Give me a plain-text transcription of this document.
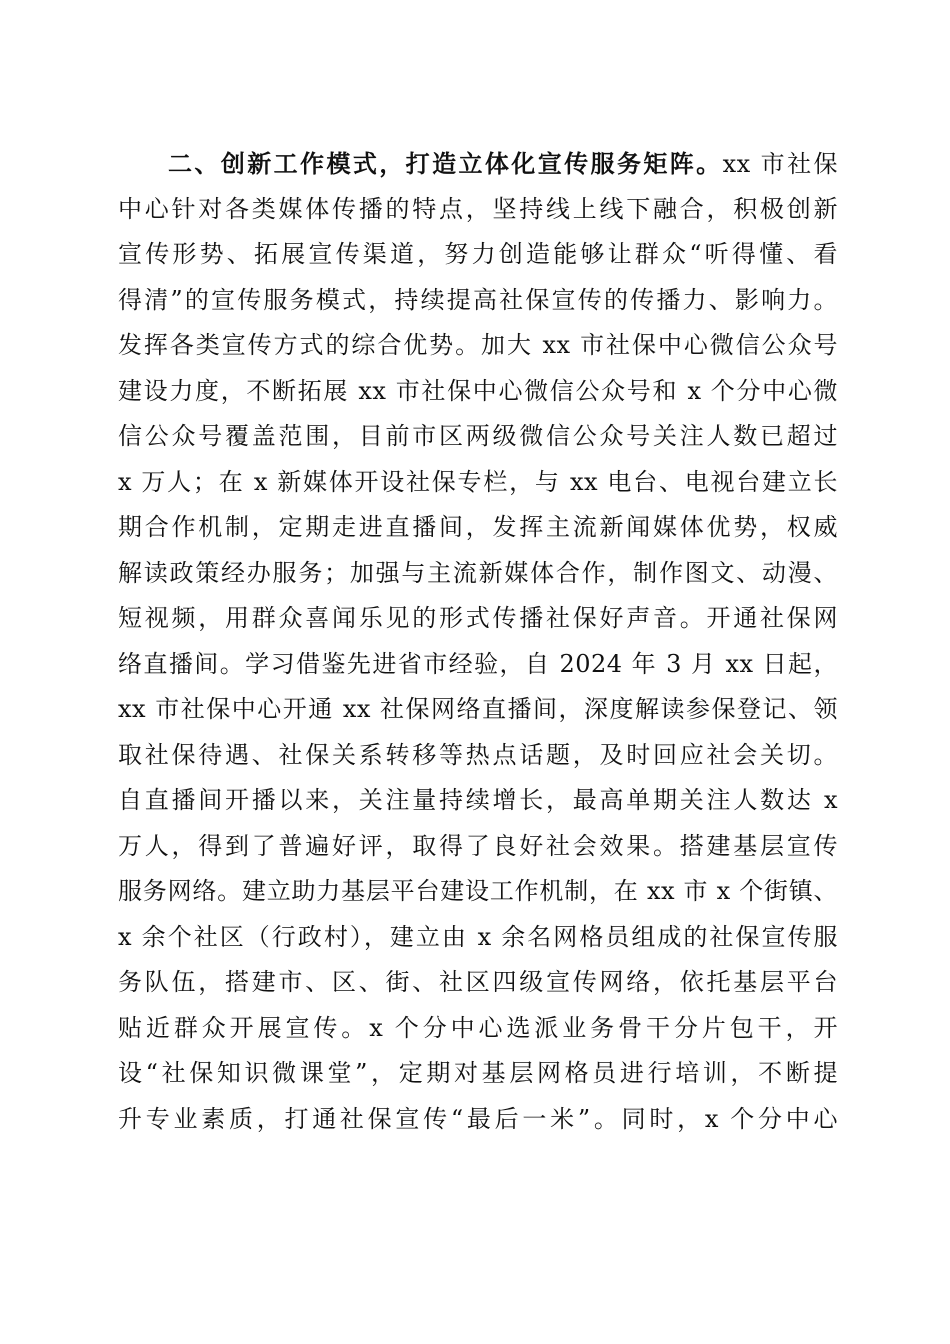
二、创新工作模式，打造立体化宣传服务矩阵。xx 市社保
中心针对各类媒体传播的特点，坚持线上线下融合，积极创新
宣传形势、拓展宣传渠道，努力创造能够让群众“听得懂、看
得清”的宣传服务模式，持续提高社保宣传的传播力、影响力。
发挥各类宣传方式的综合优势。加大 xx 市社保中心微信公众号
建设力度，不断拓展 xx 市社保中心微信公众号和 x 个分中心微
信公众号覆盖范围，目前市区两级微信公众号关注人数已超过
x 万人；在 x 新媒体开设社保专栏，与 xx 电台、电视台建立长
期合作机制，定期走进直播间，发挥主流新闻媒体优势，权威
解读政策经办服务；加强与主流新媒体合作，制作图文、动漫、
短视频，用群众喜闻乐见的形式传播社保好声音。开通社保网
络直播间。学习借鉴先进省市经验，自 2024 年 3 月 xx 日起，
xx 市社保中心开通 xx 社保网络直播间，深度解读参保登记、领
取社保待遇、社保关系转移等热点话题，及时回应社会关切。
自直播间开播以来，关注量持续增长，最高单期关注人数达 x
万人，得到了普遍好评，取得了良好社会效果。搭建基层宣传
服务网络。建立助力基层平台建设工作机制，在 xx 市 x 个街镇、
x 余个社区（行政村），建立由 x 余名网格员组成的社保宣传服
务队伍，搭建市、区、街、社区四级宣传网络，依托基层平台
贴近群众开展宣传。x 个分中心选派业务骨干分片包干，开
设“社保知识微课堂”，定期对基层网格员进行培训，不断提
升专业素质，打通社保宣传“最后一米”。同时，x 个分中心
